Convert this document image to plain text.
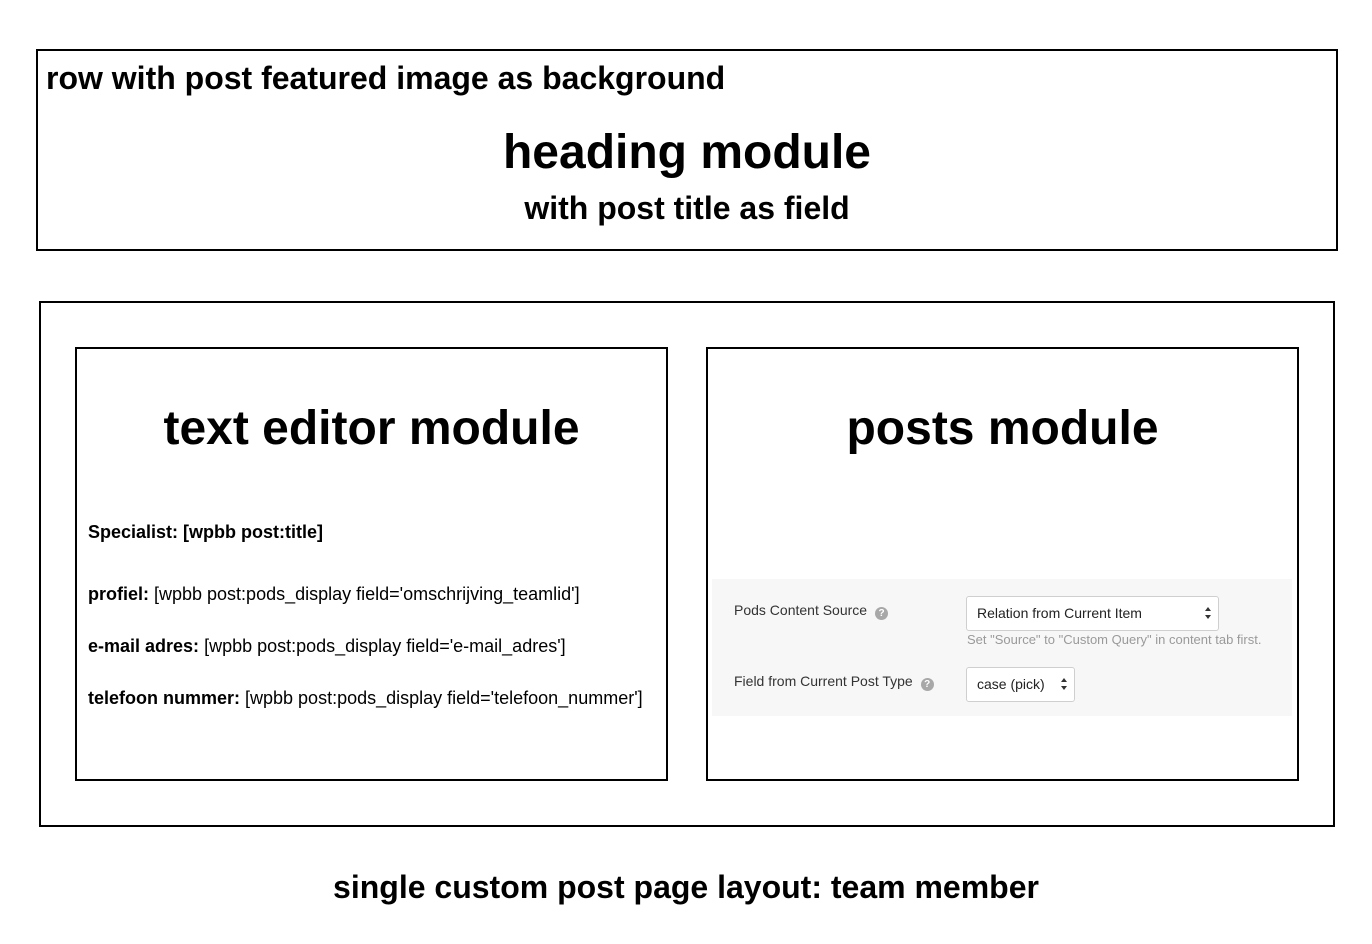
row with post featured image as background
heading module
with post title as field
text editor module
Specialist: [wpbb post:title]
profiel: [wpbb post:pods_display field='omschrijving_teamlid']
e-mail adres: [wpbb post:pods_display field='e-mail_adres']
telefoon nummer: [wpbb post:pods_display field='telefoon_nummer']
posts module
Pods Content Source ?	Relation from Current Item
Set "Source" to "Custom Query" in content tab first.
Field from Current Post Type ?	case (pick)
single custom post page layout: team member
